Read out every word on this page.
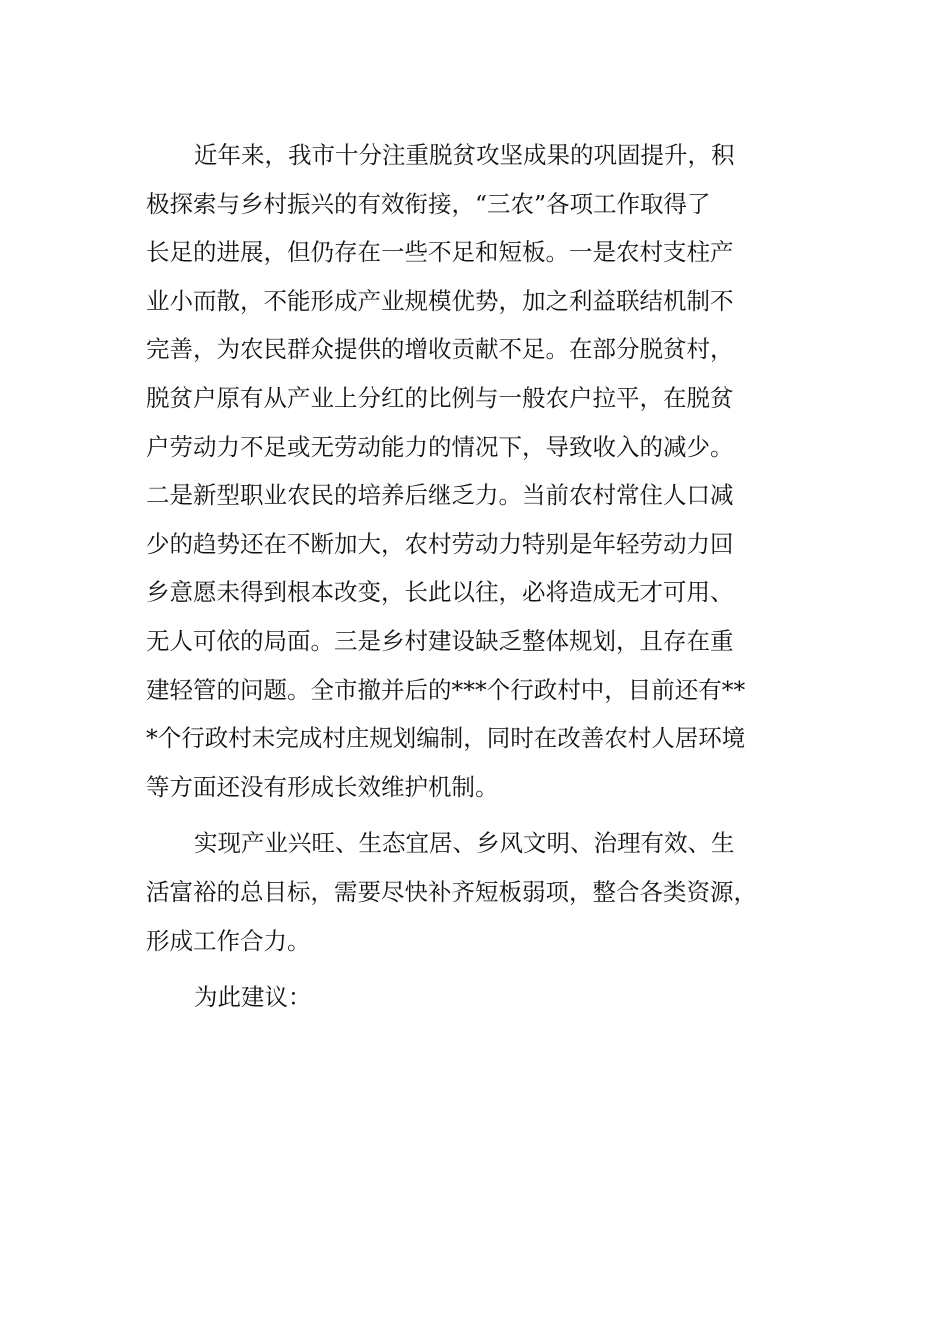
近年来，我市十分注重脱贫攻坚成果的巩固提升，积
极探索与乡村振兴的有效衔接，“三农”各项工作取得了
长足的进展，但仍存在一些不足和短板。一是农村支柱产
业小而散，不能形成产业规模优势，加之利益联结机制不
完善，为农民群众提供的增收贡献不足。在部分脱贫村，
脱贫户原有从产业上分红的比例与一般农户拉平，在脱贫
户劳动力不足或无劳动能力的情况下，导致收入的减少。
二是新型职业农民的培养后继乏力。当前农村常住人口减
少的趋势还在不断加大，农村劳动力特别是年轻劳动力回
乡意愿未得到根本改变，长此以往，必将造成无才可用、
无人可依的局面。三是乡村建设缺乏整体规划，且存在重
建轻管的问题。全市撤并后的***个行政村中，目前还有**
*个行政村未完成村庄规划编制，同时在改善农村人居环境
等方面还没有形成长效维护机制。
实现产业兴旺、生态宜居、乡风文明、治理有效、生
活富裕的总目标，需要尽快补齐短板弱项，整合各类资源，
形成工作合力。
为此建议：
